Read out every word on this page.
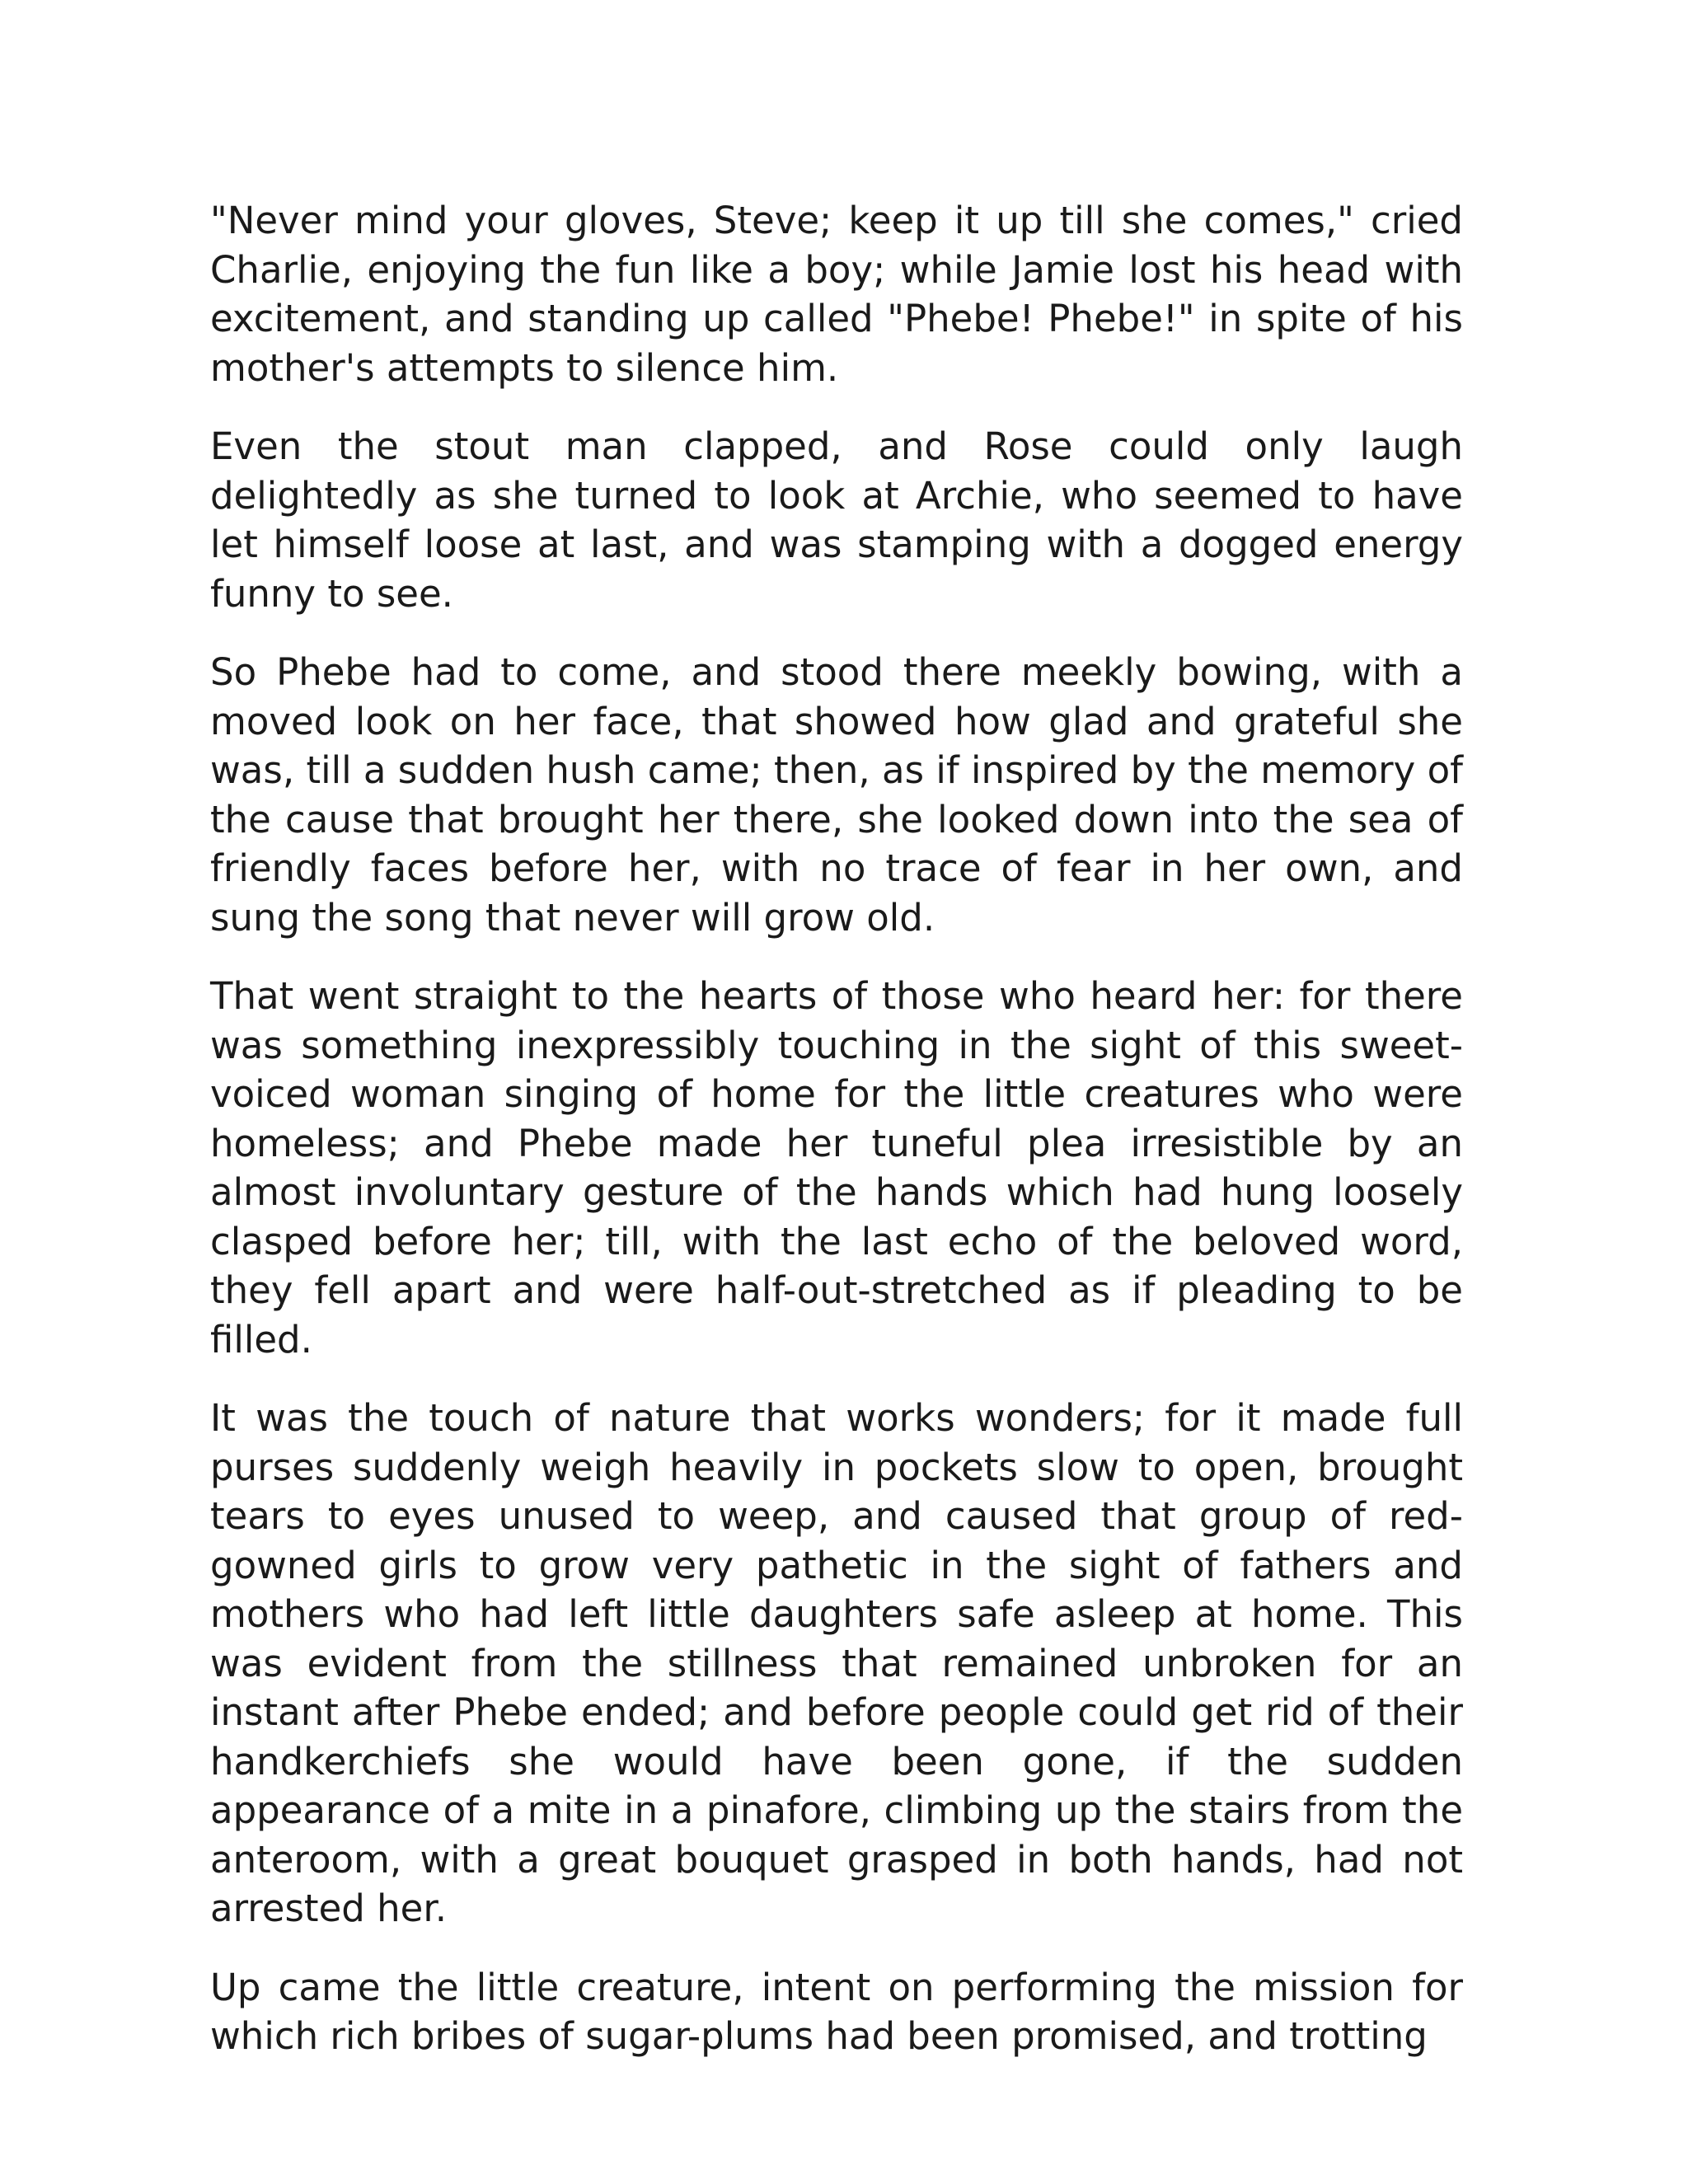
"Never mind your gloves, Steve; keep it up till she comes," cried Charlie, enjoying the fun like a boy; while Jamie lost his head with excitement, and standing up called "Phebe! Phebe!" in spite of his mother's attempts to silence him.

Even the stout man clapped, and Rose could only laugh delightedly as she turned to look at Archie, who seemed to have let himself loose at last, and was stamping with a dogged energy funny to see.

So Phebe had to come, and stood there meekly bowing, with a moved look on her face, that showed how glad and grateful she was, till a sudden hush came; then, as if inspired by the memory of the cause that brought her there, she looked down into the sea of friendly faces before her, with no trace of fear in her own, and sung the song that never will grow old.

That went straight to the hearts of those who heard her: for there was something inexpressibly touching in the sight of this sweet-voiced woman singing of home for the little creatures who were homeless; and Phebe made her tuneful plea irresistible by an almost involuntary gesture of the hands which had hung loosely clasped before her; till, with the last echo of the beloved word, they fell apart and were half-out-stretched as if pleading to be filled.

It was the touch of nature that works wonders; for it made full purses suddenly weigh heavily in pockets slow to open, brought tears to eyes unused to weep, and caused that group of red-gowned girls to grow very pathetic in the sight of fathers and mothers who had left little daughters safe asleep at home. This was evident from the stillness that remained unbroken for an instant after Phebe ended; and before people could get rid of their handkerchiefs she would have been gone, if the sudden appearance of a mite in a pinafore, climbing up the stairs from the anteroom, with a great bouquet grasped in both hands, had not arrested her.

Up came the little creature, intent on performing the mission for which rich bribes of sugar-plums had been promised, and trotting
